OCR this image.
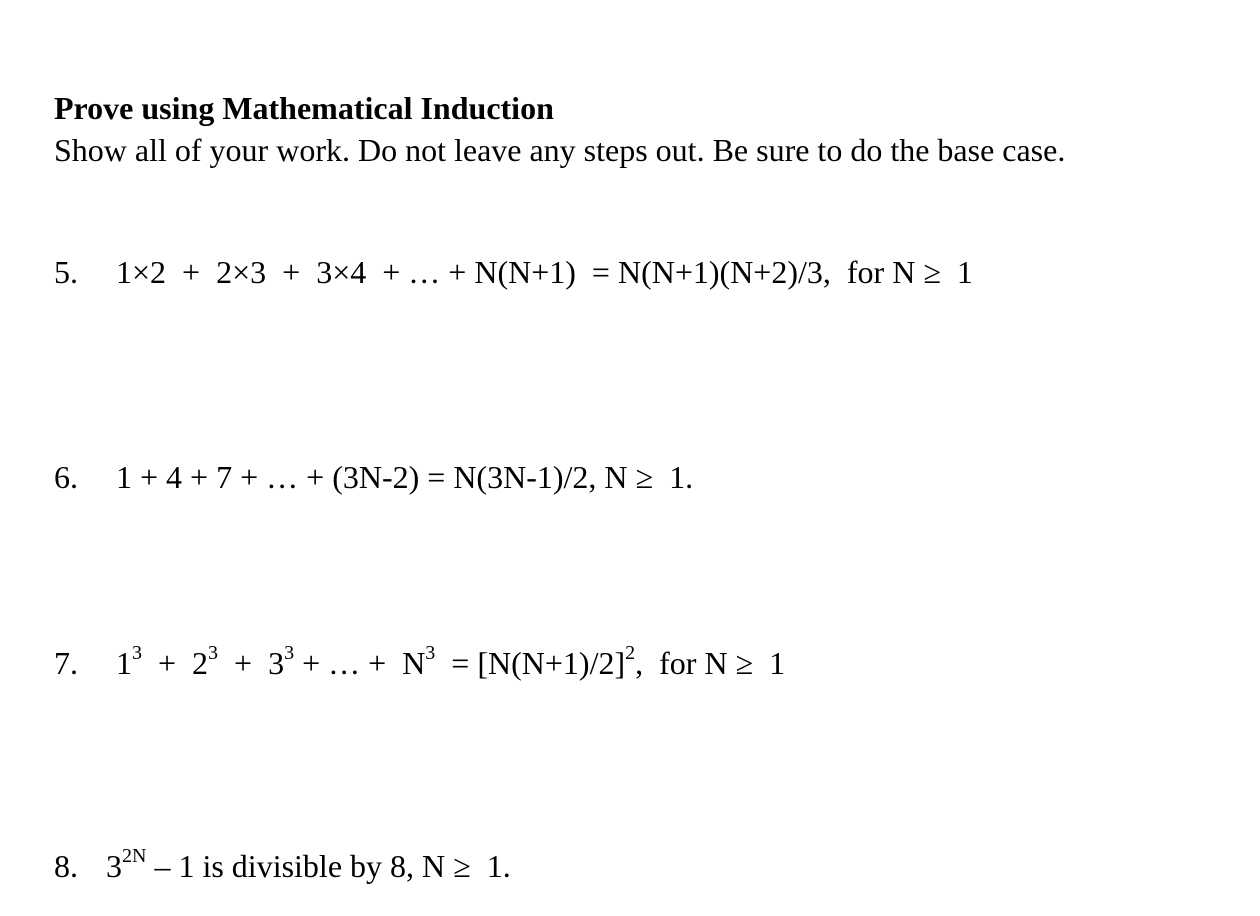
Prove using Mathematical Induction
Show all of your work. Do not leave any steps out. Be sure to do the base case.
5. 1×2  +  2×3  +  3×4  + … + N(N+1)  = N(N+1)(N+2)/3,  for N ≥  1
6. 1 + 4 + 7 + … + (3N-2) = N(3N-1)/2, N ≥  1.
7. $1^3 + 2^3 + 3^3$ + … +  $N^3 = [N(N+1)/2]^2$,  for N ≥  1
8. $3^{2N} - 1$ is divisible by 8, N ≥  1.
